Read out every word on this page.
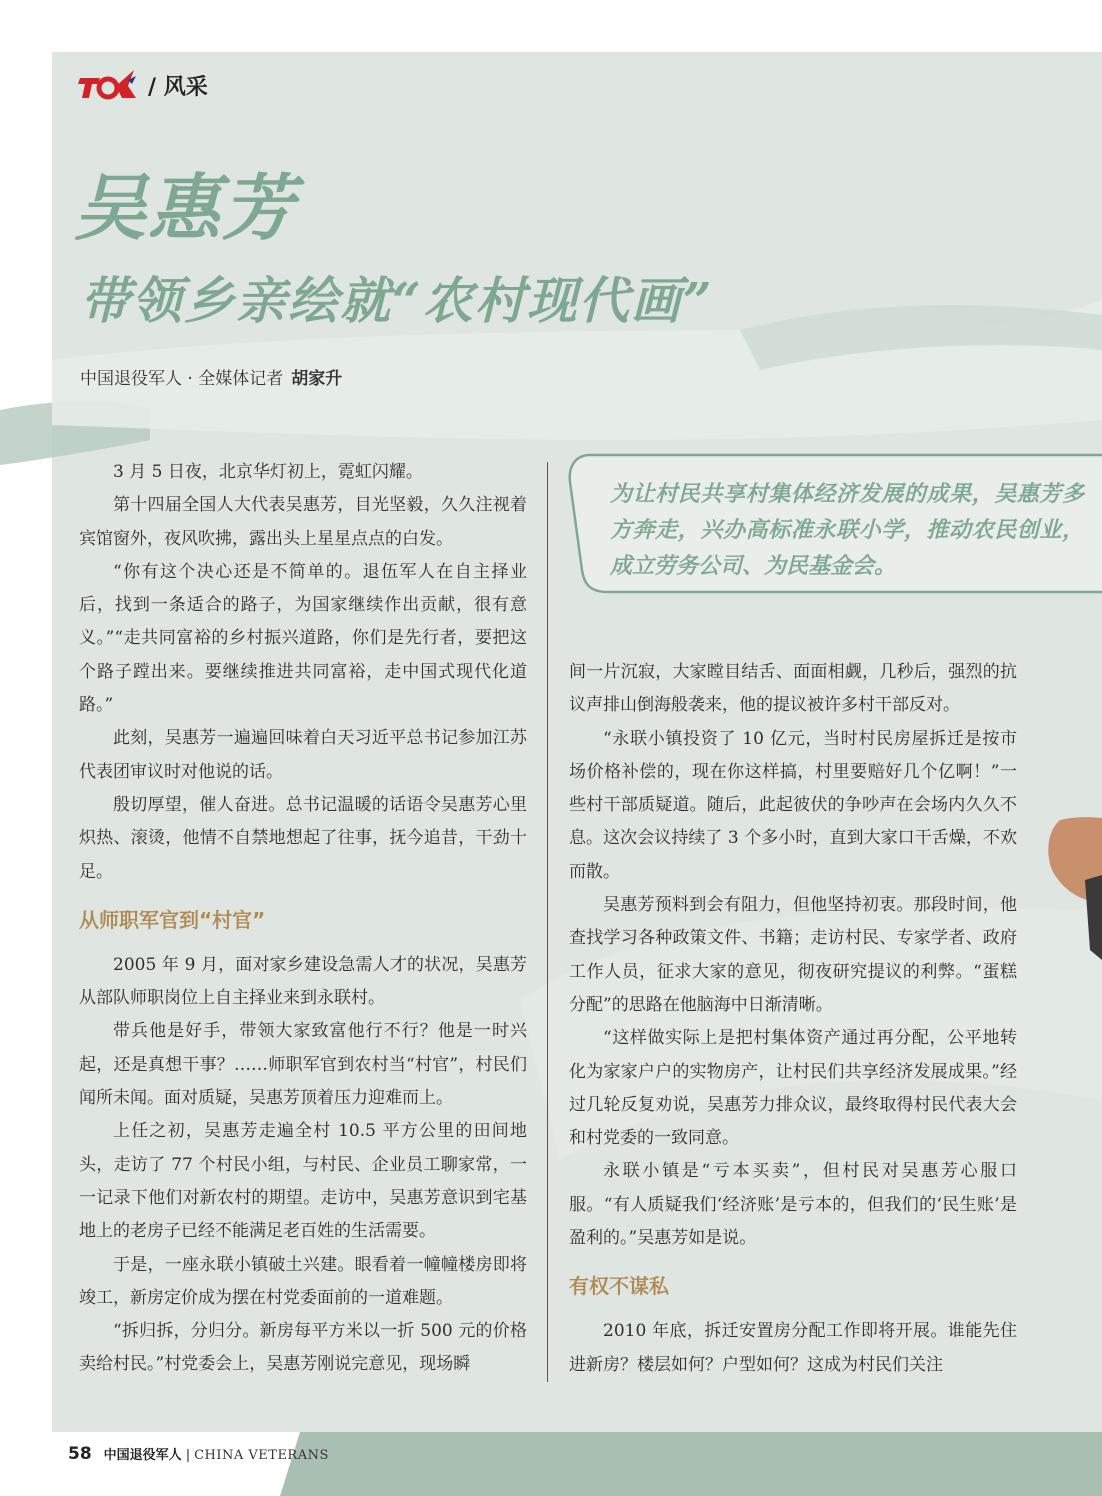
/ 风采
吴惠芳
带领乡亲绘就“农村现代画”
中国退役军人 · 全媒体记者 胡家升
为让村民共享村集体经济发展的成果，吴惠芳多方奔走，兴办高标准永联小学，推动农民创业，成立劳务公司、为民基金会。

3 月 5 日夜，北京华灯初上，霓虹闪耀。

第十四届全国人大代表吴惠芳，目光坚毅，久久注视着宾馆窗外，夜风吹拂，露出头上星星点点的白发。

“你有这个决心还是不简单的。退伍军人在自主择业后，找到一条适合的路子，为国家继续作出贡献，很有意义。”“走共同富裕的乡村振兴道路，你们是先行者，要把这个路子蹚出来。要继续推进共同富裕，走中国式现代化道路。”

此刻，吴惠芳一遍遍回味着白天习近平总书记参加江苏代表团审议时对他说的话。

殷切厚望，催人奋进。总书记温暖的话语令吴惠芳心里炽热、滚烫，他情不自禁地想起了往事，抚今追昔，干劲十足。

从师职军官到“村官”

2005 年 9 月，面对家乡建设急需人才的状况，吴惠芳从部队师职岗位上自主择业来到永联村。

带兵他是好手，带领大家致富他行不行？他是一时兴起，还是真想干事？……师职军官到农村当“村官”，村民们闻所未闻。面对质疑，吴惠芳顶着压力迎难而上。

上任之初，吴惠芳走遍全村 10.5 平方公里的田间地头，走访了 77 个村民小组，与村民、企业员工聊家常，一一记录下他们对新农村的期望。走访中，吴惠芳意识到宅基地上的老房子已经不能满足老百姓的生活需要。

于是，一座永联小镇破土兴建。眼看着一幢幢楼房即将竣工，新房定价成为摆在村党委面前的一道难题。

“拆归拆，分归分。新房每平方米以一折 500 元的价格卖给村民。”村党委会上，吴惠芳刚说完意见，现场瞬

间一片沉寂，大家瞠目结舌、面面相觑，几秒后，强烈的抗议声排山倒海般袭来，他的提议被许多村干部反对。

“永联小镇投资了 10 亿元，当时村民房屋拆迁是按市场价格补偿的，现在你这样搞，村里要赔好几个亿啊！”一些村干部质疑道。随后，此起彼伏的争吵声在会场内久久不息。这次会议持续了 3 个多小时，直到大家口干舌燥，不欢而散。

吴惠芳预料到会有阻力，但他坚持初衷。那段时间，他查找学习各种政策文件、书籍；走访村民、专家学者、政府工作人员，征求大家的意见，彻夜研究提议的利弊。“蛋糕分配”的思路在他脑海中日渐清晰。

“这样做实际上是把村集体资产通过再分配，公平地转化为家家户户的实物房产，让村民们共享经济发展成果。”经过几轮反复劝说，吴惠芳力排众议，最终取得村民代表大会和村党委的一致同意。

永联小镇是“亏本买卖”，但村民对吴惠芳心服口服。“有人质疑我们‘经济账’是亏本的，但我们的‘民生账’是盈利的。”吴惠芳如是说。

有权不谋私

2010 年底，拆迁安置房分配工作即将开展。谁能先住进新房？楼层如何？户型如何？这成为村民们关注

58 中国退役军人 | CHINA VETERANS
